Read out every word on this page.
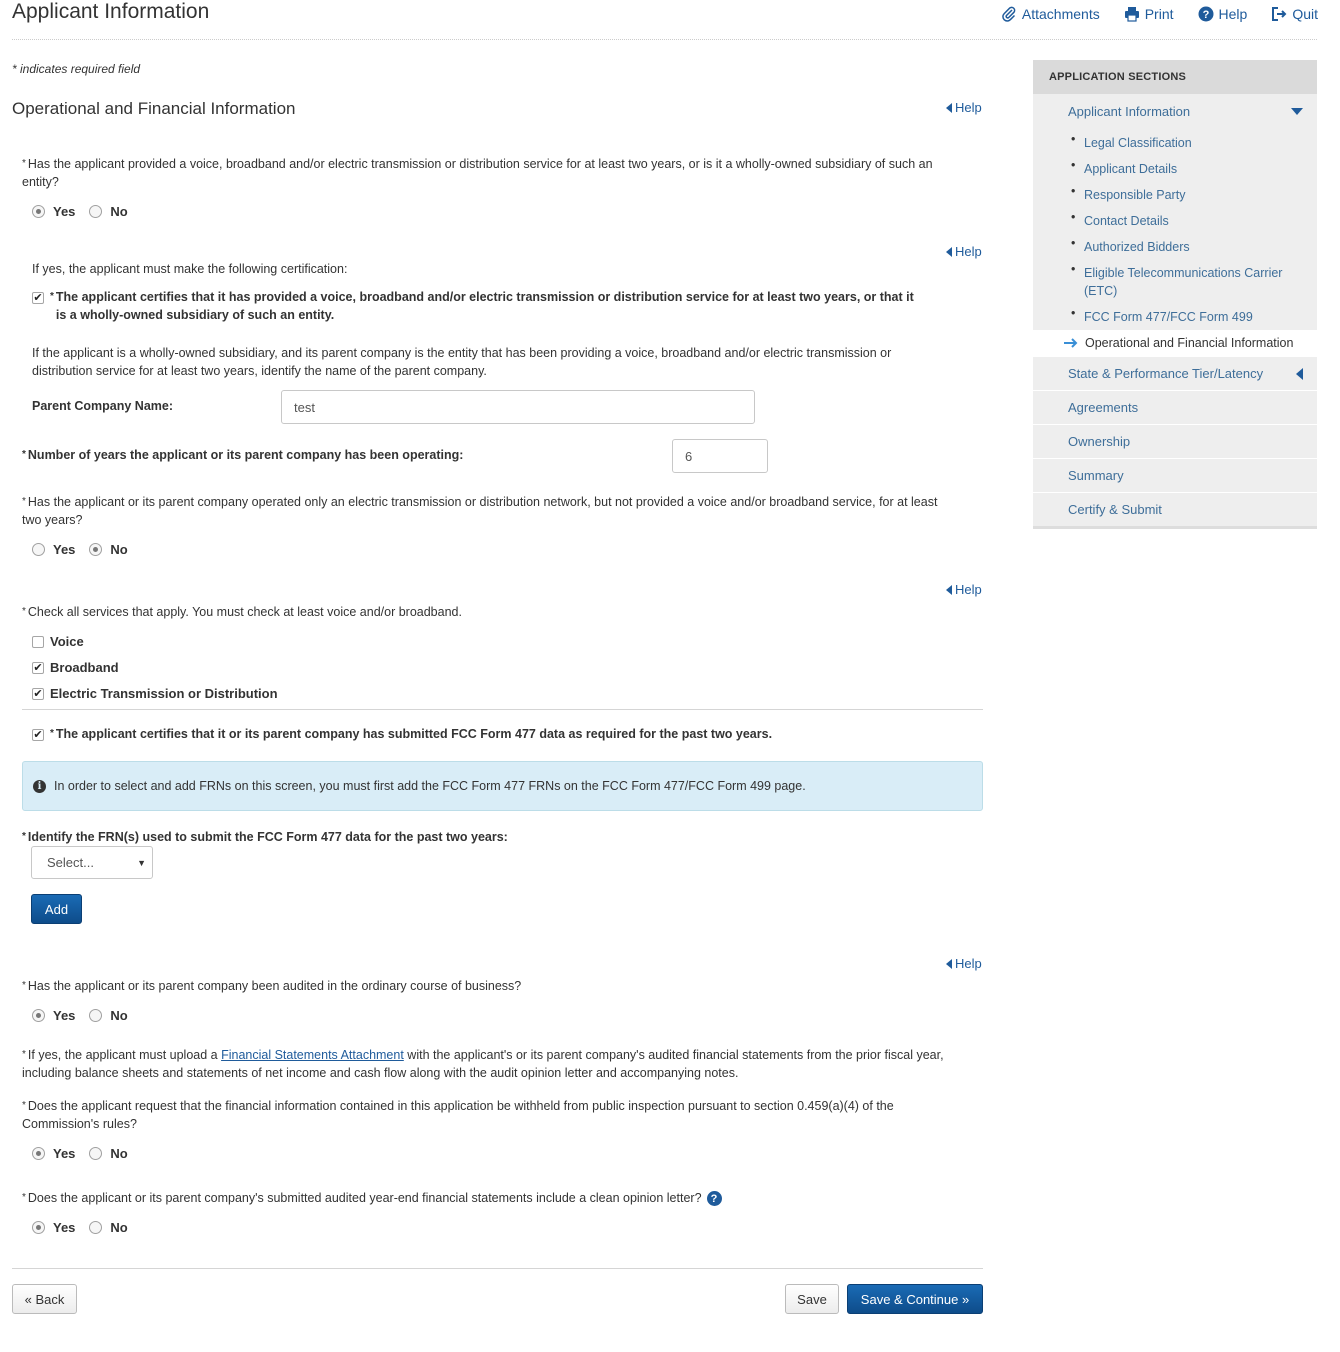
Applicant Information	Attachments	Print	? Help	Quit
* indicates required field
Operational and Financial Information	Help
Help
Help
Help
* Has the applicant provided a voice, broadband and/or electric transmission or distribution service for at least two years, or is it a wholly-owned subsidiary of such an entity?
Yes	No
If yes, the applicant must make the following certification:
✔ * The applicant certifies that it has provided a voice, broadband and/or electric transmission or distribution service for at least two years, or that it is a wholly-owned subsidiary of such an entity.
If the applicant is a wholly-owned subsidiary, and its parent company is the entity that has been providing a voice, broadband and/or electric transmission or distribution service for at least two years, identify the name of the parent company.
Parent Company Name:
test
* Number of years the applicant or its parent company has been operating:
6
* Has the applicant or its parent company operated only an electric transmission or distribution network, but not provided a voice and/or broadband service, for at least two years?
Yes	No
* Check all services that apply. You must check at least voice and/or broadband.
Voice
✔ Broadband
✔ Electric Transmission or Distribution
✔ * The applicant certifies that it or its parent company has submitted FCC Form 477 data as required for the past two years.
i	In order to select and add FRNs on this screen, you must first add the FCC Form 477 FRNs on the FCC Form 477/FCC Form 499 page.
* Identify the FRN(s) used to submit the FCC Form 477 data for the past two years:
Select...	▼
Add
* Has the applicant or its parent company been audited in the ordinary course of business?
Yes	No
* If yes, the applicant must upload a Financial Statements Attachment with the applicant's or its parent company's audited financial statements from the prior fiscal year, including balance sheets and statements of net income and cash flow along with the audit opinion letter and accompanying notes.
* Does the applicant request that the financial information contained in this application be withheld from public inspection pursuant to section 0.459(a)(4) of the Commission's rules?
Yes	No
* Does the applicant or its parent company's submitted audited year-end financial statements include a clean opinion letter? ?
Yes	No
« Back	Save	Save & Continue »
APPLICATION SECTIONS
Applicant Information
• Legal Classification
• Applicant Details
• Responsible Party
• Contact Details
• Authorized Bidders
• Eligible Telecommunications Carrier (ETC)
• FCC Form 477/FCC Form 499
Operational and Financial Information
State & Performance Tier/Latency
Agreements
Ownership
Summary
Certify & Submit
